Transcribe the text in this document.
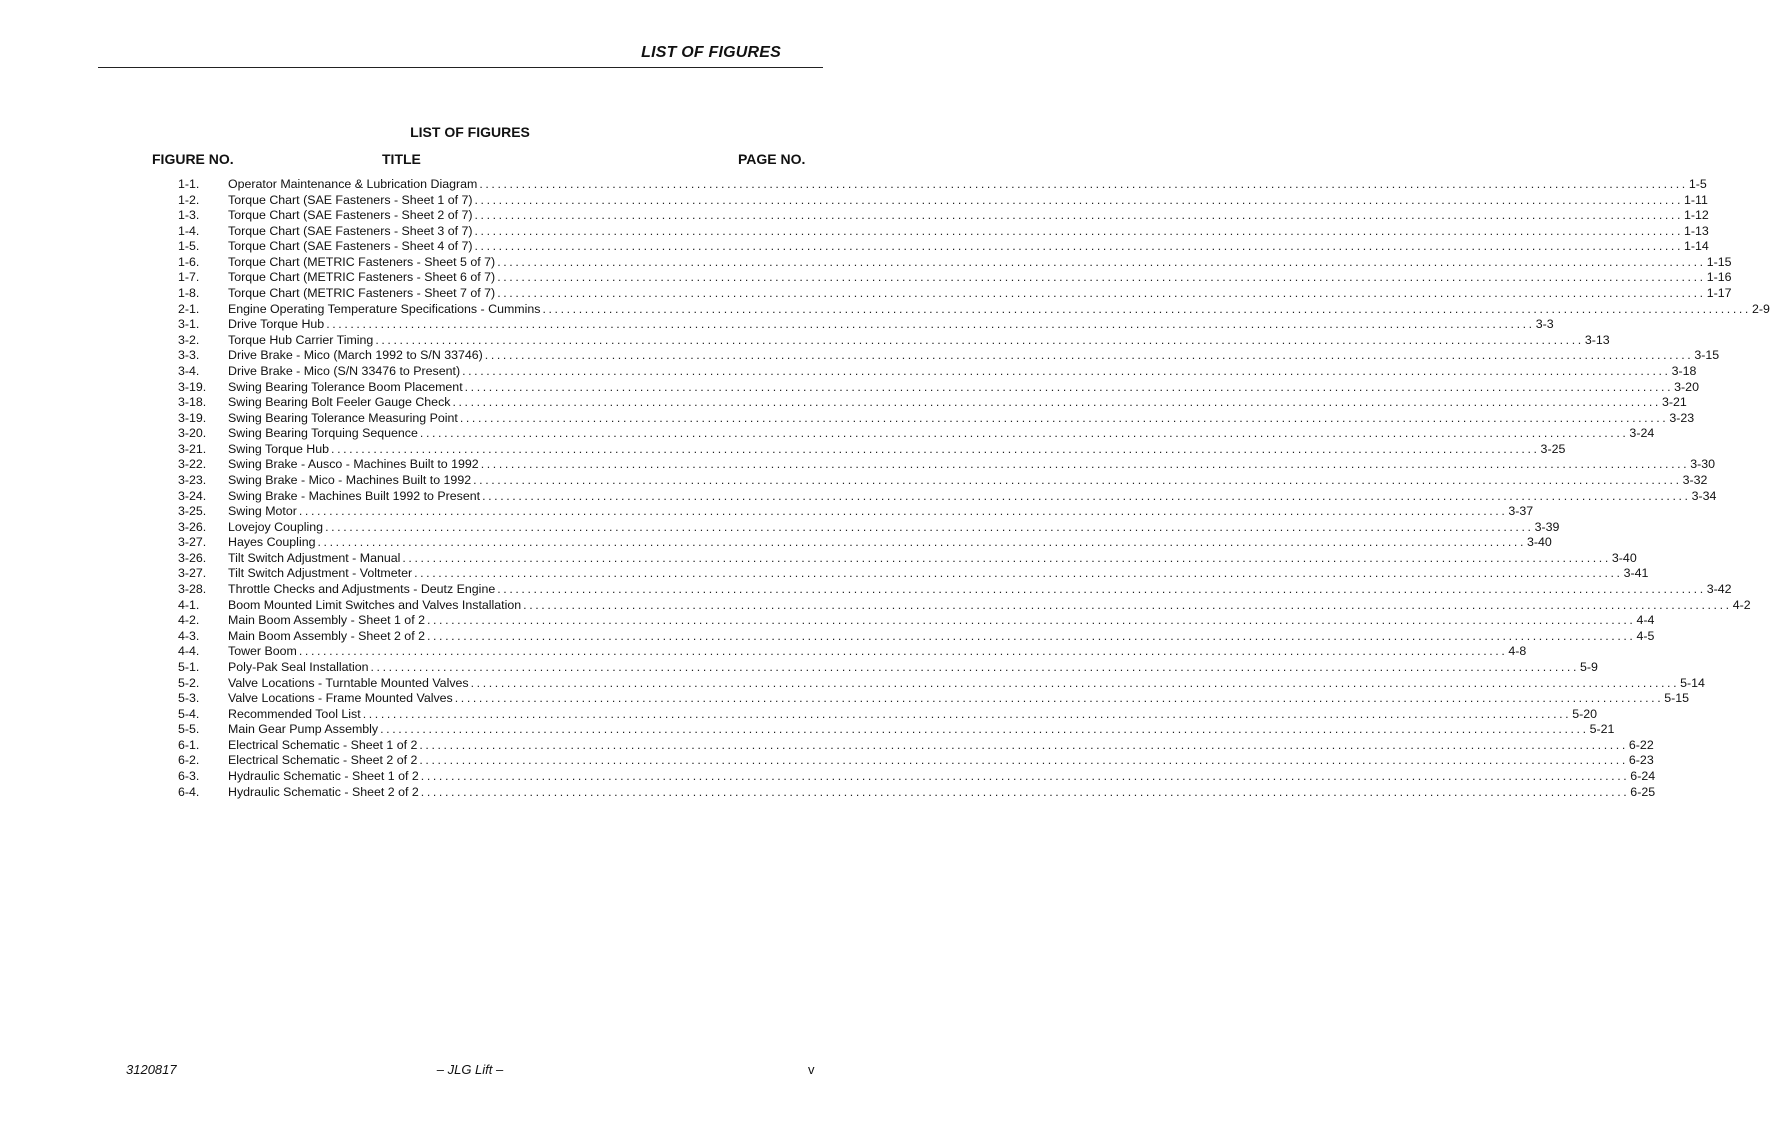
LIST OF FIGURES
LIST OF FIGURES
FIGURE NO.	TITLE	PAGE NO.
1-1. Operator Maintenance & Lubrication Diagram ........................................................................................................................................................................................................ 1-5
1-2. Torque Chart (SAE Fasteners - Sheet 1 of 7) ........................................................................................................................................................................................................ 1-11
1-3. Torque Chart (SAE Fasteners - Sheet 2 of 7) ........................................................................................................................................................................................................ 1-12
1-4. Torque Chart (SAE Fasteners - Sheet 3 of 7) ........................................................................................................................................................................................................ 1-13
1-5. Torque Chart (SAE Fasteners - Sheet 4 of 7) ........................................................................................................................................................................................................ 1-14
1-6. Torque Chart (METRIC Fasteners - Sheet 5 of 7) ........................................................................................................................................................................................................ 1-15
1-7. Torque Chart (METRIC Fasteners - Sheet 6 of 7) ........................................................................................................................................................................................................ 1-16
1-8. Torque Chart (METRIC Fasteners - Sheet 7 of 7) ........................................................................................................................................................................................................ 1-17
2-1. Engine Operating Temperature Specifications - Cummins ........................................................................................................................................................................................................ 2-9
3-1. Drive Torque Hub ........................................................................................................................................................................................................ 3-3
3-2. Torque Hub Carrier Timing ........................................................................................................................................................................................................ 3-13
3-3. Drive Brake - Mico (March 1992 to S/N 33746) ........................................................................................................................................................................................................ 3-15
3-4. Drive Brake - Mico (S/N 33476 to Present) ........................................................................................................................................................................................................ 3-18
3-19. Swing Bearing Tolerance Boom Placement ........................................................................................................................................................................................................ 3-20
3-18. Swing Bearing Bolt Feeler Gauge Check ........................................................................................................................................................................................................ 3-21
3-19. Swing Bearing Tolerance Measuring Point ........................................................................................................................................................................................................ 3-23
3-20. Swing Bearing Torquing Sequence ........................................................................................................................................................................................................ 3-24
3-21. Swing Torque Hub ........................................................................................................................................................................................................ 3-25
3-22. Swing Brake - Ausco - Machines Built to 1992 ........................................................................................................................................................................................................ 3-30
3-23. Swing Brake - Mico - Machines Built to 1992 ........................................................................................................................................................................................................ 3-32
3-24. Swing Brake - Machines Built 1992 to Present ........................................................................................................................................................................................................ 3-34
3-25. Swing Motor ........................................................................................................................................................................................................ 3-37
3-26. Lovejoy Coupling ........................................................................................................................................................................................................ 3-39
3-27. Hayes Coupling ........................................................................................................................................................................................................ 3-40
3-26. Tilt Switch Adjustment - Manual ........................................................................................................................................................................................................ 3-40
3-27. Tilt Switch Adjustment - Voltmeter ........................................................................................................................................................................................................ 3-41
3-28. Throttle Checks and Adjustments - Deutz Engine ........................................................................................................................................................................................................ 3-42
4-1. Boom Mounted Limit Switches and Valves Installation ........................................................................................................................................................................................................ 4-2
4-2. Main Boom Assembly - Sheet 1 of 2 ........................................................................................................................................................................................................ 4-4
4-3. Main Boom Assembly - Sheet 2 of 2 ........................................................................................................................................................................................................ 4-5
4-4. Tower Boom ........................................................................................................................................................................................................ 4-8
5-1. Poly-Pak Seal Installation ........................................................................................................................................................................................................ 5-9
5-2. Valve Locations - Turntable Mounted Valves ........................................................................................................................................................................................................ 5-14
5-3. Valve Locations - Frame Mounted Valves ........................................................................................................................................................................................................ 5-15
5-4. Recommended Tool List ........................................................................................................................................................................................................ 5-20
5-5. Main Gear Pump Assembly ........................................................................................................................................................................................................ 5-21
6-1. Electrical Schematic - Sheet 1 of 2 ........................................................................................................................................................................................................ 6-22
6-2. Electrical Schematic - Sheet 2 of 2 ........................................................................................................................................................................................................ 6-23
6-3. Hydraulic Schematic - Sheet 1 of 2 ........................................................................................................................................................................................................ 6-24
6-4. Hydraulic Schematic - Sheet 2 of 2 ........................................................................................................................................................................................................ 6-25
3120817	– JLG Lift –	v
